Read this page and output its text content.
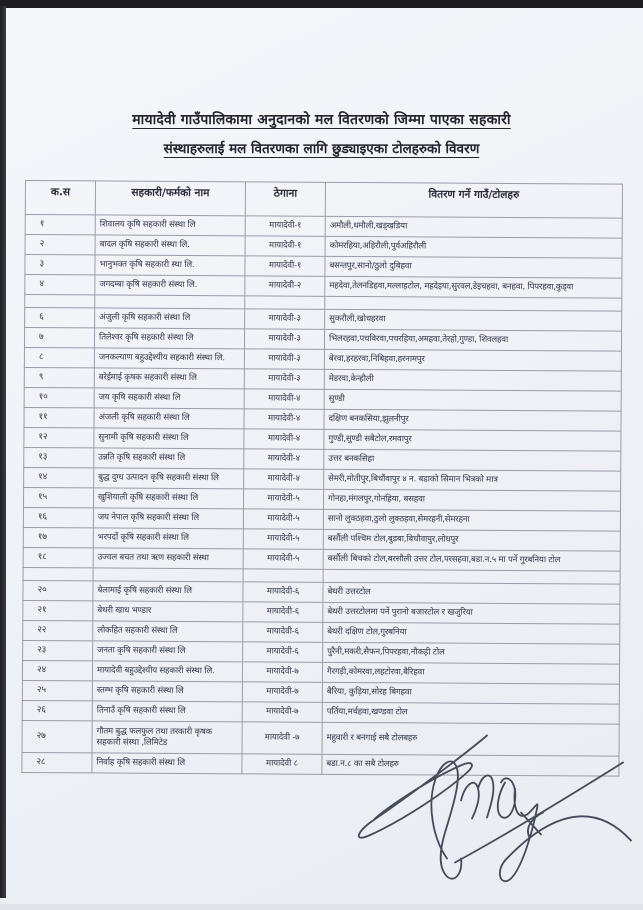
मायादेवी गाउँपालिकामा अनुदानको मल वितरणको जिम्मा पाएका सहकारी
संस्थाहरुलाई मल वितरणका लागि छुड्याइएका टोलहरुको विवरण
क.स	सहकारी/फर्मको नाम	ठेगाना	वितरण गर्ने गाउँ/टोलहरु
१	शिवालय कृषि सहकारी संस्था लि	मायादेवी-१	अमौली,धमौली,खड्खडिया
२	बादल कृषि सहकारी संस्था लि.	मायादेवी-१	कोमरहिया,अहिरौली,पुर्वअहिरौली
३	भानुभक्त कृषि सहकारी स्था लि.	मायादेवी-१	बसन्तपुर,सानो/ठुलो दुबिहवा
४	जगदम्बा कृषि सहकारी संस्था लि.	मायादेवी-२	महदेवा,तेलनडिहवा,मल्लाहटोल, महदेइया,सुरवल,डेइचहवा, बनहवा, पिपरहवा,कुड्वा

६	अंजुली कृषि सहकारी संस्था लि	मायादेवी-३	सुकरौली,खोचहरवा
७	तिलेश्वर कृषि सहकारी संस्था लि	मायादेवी-३	भिलरहवा,पचविरवा,पचरहिया,अमहवा,तेरहो,गुण्डा, शिवलहवा
८	जनकल्याण बहुउद्देश्यीय सहकारी संस्था लि.	मायादेवी-३	बेरवा,हरहरवा,निबिहवा,हरनामपुर
९	बरेईमाई कृषक सहकारी संस्था लि	मायादेवी-३	मेडरवा,केन्हौली
१०	जय कृषि सहकारी संस्था लि	मायादेवी-४	सुण्डी
११	अंजली कृषि सहकारी संस्था लि	मायादेवी-४	दक्षिण बनकसिया,झुलनीपुर
१२	सुनामी कृषि सहकारी संस्था लि	मायादेवी-४	गुण्डी,सुण्डी सबैटोल,रमवापुर
१३	उन्नति कृषि सहकारी संस्था लि	मायादेवी-४	उत्तर बनकसिहा
१४	बुद्ध दुग्ध उत्पादन कृषि सहकारी संस्था लि	मायादेवी-४	सेमरी,मोतीपुर,बिचौंवापुर ४ न. बडाको सिमान भित्रको मात्र
१५	खुशियाली कृषि सहकारी संस्था लि	मायादेवी-५	गोनहा,मंगलपुर,गोनहिया, बसहवा
१६	जय नेपाल कृषि सहकारी संस्था लि	मायादेवी-५	सानो लुक्ठहवा,ठुलो लुक्ठहवा,सेमरहनी,सेमरहना
१७	भरपर्दो कृषि सहकारी संस्था लि	मायादेवी-५	बर्सौली पश्चिम टोल,बुडबा,बिचौवापुर,लोधपुर
१८	उज्वल बचत तथा ऋण सहकारी संस्था	मायादेवी-५	बर्सौली बिचको टोल,बरसौली उत्तर टोल,परसहवा,बडा.न.५ मा पर्ने गुरबनिया टोल

२०	बेलामाई कृषि सहकारी संस्था लि	मायादेवी-६	बेथरी उत्तरटोल
२१	बेथरी खाध भण्डार	मायादेवी-६	बेथरी उत्तरटोलमा पर्ने पुरानो बजारटोल र खजुरिया
२२	लोकहित सहकारी संस्था लि	मायादेवी-६	बेथरी दक्षिण टोल,गुरबनिया
२३	जनता कृषि सहकारी संस्था लि	मायादेवी-६	पुरैनी,मकरी,सैफन,पिपरहवा,नौकड़ी टोल
२४	मायादेवी बहुउद्देश्यीय सहकारी संस्था लि.	मायादेवी-७	गैरगड़ी,कोमरवा,लहटोरवा,बैरिहवा
२५	स्तम्भ कृषि सहकारी संस्था लि	मायादेवी-७	बैरिया, कुड़िया,सोरह बिगहवा
२६	तिनाउँ कृषि सहकारी संस्था लि	मायादेवी-७	पर्तिया,मर्चहवा,खण्डवा टोल
२७	गौतम बुद्ध फलफुल तथा तरकारी कृषक सहकारी संस्था ,लिमिटेड	मायादेवी -७	महुवारी र बनगाई सबै टोलबहरु
२८	निर्वाह कृषि सहकारी संस्था लि	मायादेवी ८	बडा.न.८ का सबै टोलहरु
